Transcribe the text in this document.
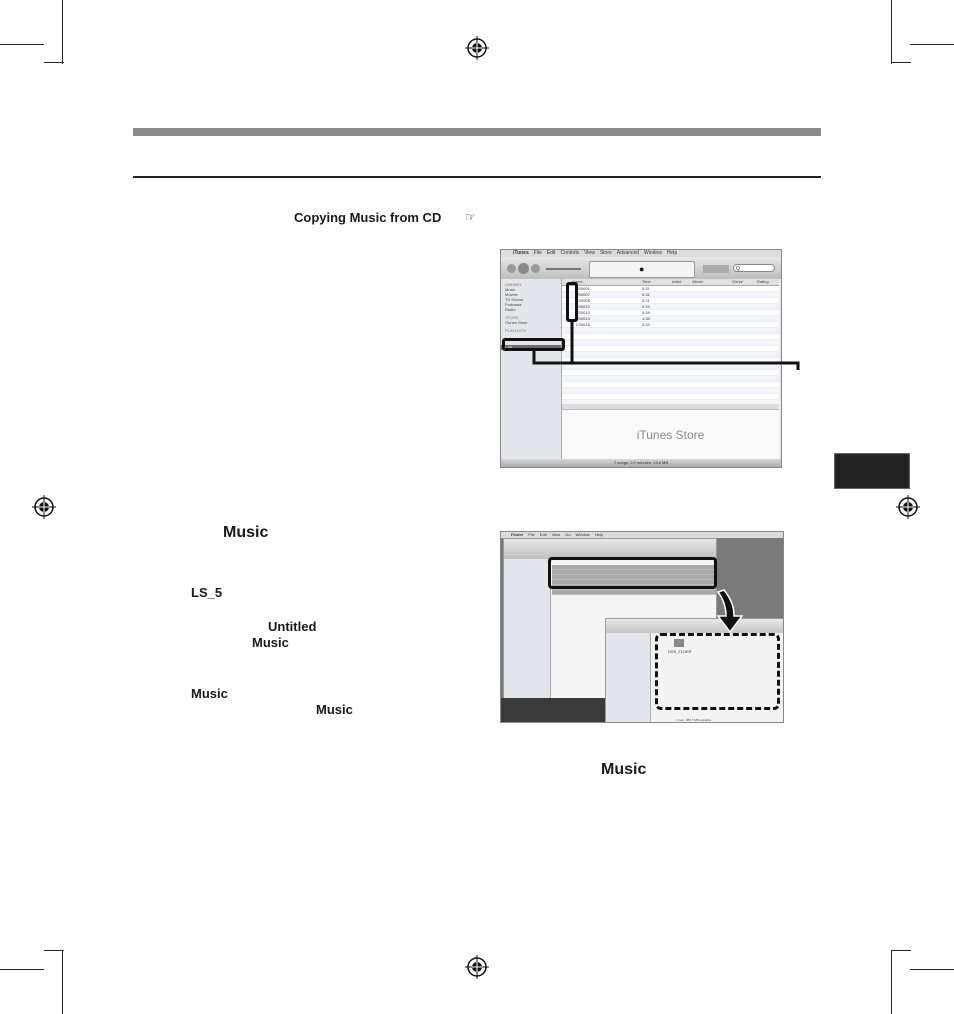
Copying Music from CD ☞
Music
LS_5
Untitled
Music
Music
Music
Music
iTunes File Edit Controls View Store Advanced Window Help
●	Q
LIBRARY
Music
Movies
TV Shows
Podcasts
Radio
STORE
iTunes Store
PLAYLISTS
LS5
Name	Time	Artist	Album	Genre	Rating
LS0001	0:31
LS0007	0:31
LS0008	0:21
LS0010	0:19
LS0013	0:28
LS0014	1:34
LS0016	0:43
iTunes Store
7 songs, 3.9 minutes, 13.6 MB
Finder File Edit View Go Window Help
DSS_FLDER
1 item, 389.7 MB available
